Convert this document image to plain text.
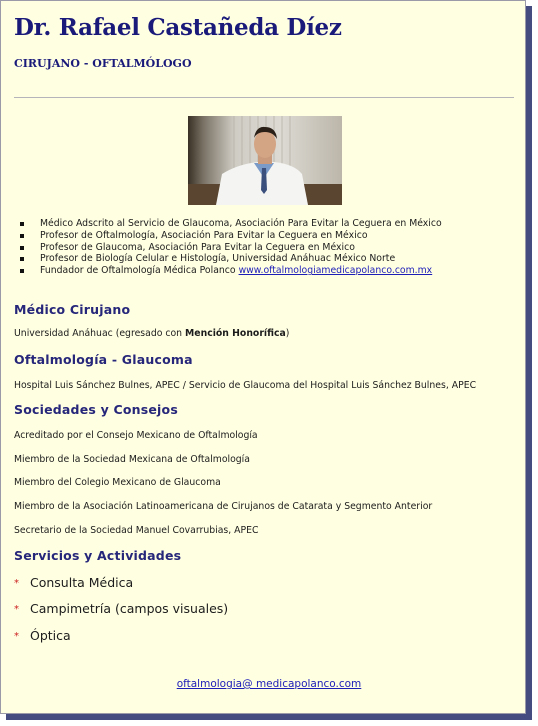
Dr. Rafael Castañeda Díez
CIRUJANO - OFTALMÓLOGO
Médico Adscrito al Servicio de Glaucoma, Asociación Para Evitar la Ceguera en México
Profesor de Oftalmología, Asociación Para Evitar la Ceguera en México
Profesor de Glaucoma, Asociación Para Evitar la Ceguera en México
Profesor de Biología Celular e Histología, Universidad Anáhuac México Norte
Fundador de Oftalmología Médica Polanco www.oftalmologiamedicapolanco.com.mx
Médico Cirujano
Universidad Anáhuac (egresado con Mención Honorífica)
Oftalmología - Glaucoma
Hospital Luis Sánchez Bulnes, APEC / Servicio de Glaucoma del Hospital Luis Sánchez Bulnes, APEC
Sociedades y Consejos
Acreditado por el Consejo Mexicano de Oftalmología
Miembro de la Sociedad Mexicana de Oftalmología
Miembro del Colegio Mexicano de Glaucoma
Miembro de la Asociación Latinoamericana de Cirujanos de Catarata y Segmento Anterior
Secretario de la Sociedad Manuel Covarrubias, APEC
Servicios y Actividades
* Consulta Médica
* Campimetría (campos visuales)
* Óptica
oftalmologia@ medicapolanco.com
